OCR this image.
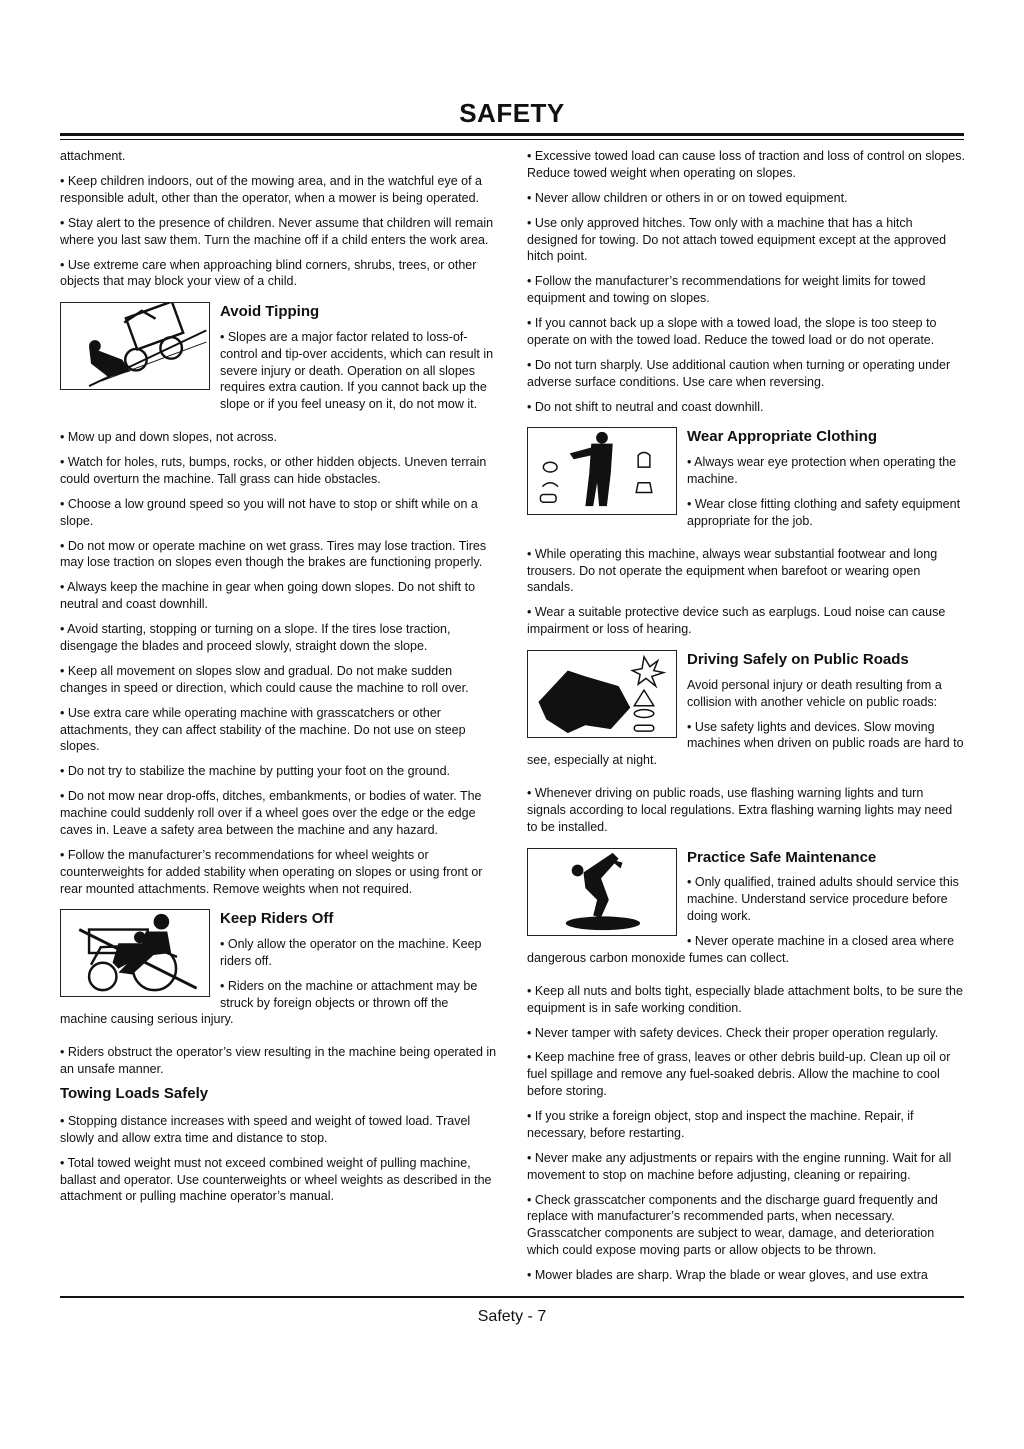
SAFETY

attachment.

• Keep children indoors, out of the mowing area, and in the watchful eye of a responsible adult, other than the operator, when a mower is being operated.

• Stay alert to the presence of children. Never assume that children will remain where you last saw them. Turn the machine off if a child enters the work area.

• Use extreme care when approaching blind corners, shrubs, trees, or other objects that may block your view of a child.

Avoid Tipping

• Slopes are a major factor related to loss-of-control and tip-over accidents, which can result in severe injury or death. Operation on all slopes requires extra caution. If you cannot back up the slope or if you feel uneasy on it, do not mow it.

• Mow up and down slopes, not across.

• Watch for holes, ruts, bumps, rocks, or other hidden objects. Uneven terrain could overturn the machine. Tall grass can hide obstacles.

• Choose a low ground speed so you will not have to stop or shift while on a slope.

• Do not mow or operate machine on wet grass. Tires may lose traction. Tires may lose traction on slopes even though the brakes are functioning properly.

• Always keep the machine in gear when going down slopes. Do not shift to neutral and coast downhill.

• Avoid starting, stopping or turning on a slope. If the tires lose traction, disengage the blades and proceed slowly, straight down the slope.

• Keep all movement on slopes slow and gradual. Do not make sudden changes in speed or direction, which could cause the machine to roll over.

• Use extra care while operating machine with grasscatchers or other attachments, they can affect stability of the machine. Do not use on steep slopes.

• Do not try to stabilize the machine by putting your foot on the ground.

• Do not mow near drop-offs, ditches, embankments, or bodies of water. The machine could suddenly roll over if a wheel goes over the edge or the edge caves in. Leave a safety area between the machine and any hazard.

• Follow the manufacturer’s recommendations for wheel weights or counterweights for added stability when operating on slopes or using front or rear mounted attachments. Remove weights when not required.

Keep Riders Off

• Only allow the operator on the machine. Keep riders off.

• Riders on the machine or attachment may be struck by foreign objects or thrown off the machine causing serious injury.

• Riders obstruct the operator’s view resulting in the machine being operated in an unsafe manner.

Towing Loads Safely

• Stopping distance increases with speed and weight of towed load. Travel slowly and allow extra time and distance to stop.

• Total towed weight must not exceed combined weight of pulling machine, ballast and operator. Use counterweights or wheel weights as described in the attachment or pulling machine operator’s manual.

• Excessive towed load can cause loss of traction and loss of control on slopes. Reduce towed weight when operating on slopes.

• Never allow children or others in or on towed equipment.

• Use only approved hitches. Tow only with a machine that has a hitch designed for towing. Do not attach towed equipment except at the approved hitch point.

• Follow the manufacturer’s recommendations for weight limits for towed equipment and towing on slopes.

• If you cannot back up a slope with a towed load, the slope is too steep to operate on with the towed load. Reduce the towed load or do not operate.

• Do not turn sharply. Use additional caution when turning or operating under adverse surface conditions. Use care when reversing.

• Do not shift to neutral and coast downhill.

Wear Appropriate Clothing

• Always wear eye protection when operating the machine.

• Wear close fitting clothing and safety equipment appropriate for the job.

• While operating this machine, always wear substantial footwear and long trousers. Do not operate the equipment when barefoot or wearing open sandals.

• Wear a suitable protective device such as earplugs. Loud noise can cause impairment or loss of hearing.

Driving Safely on Public Roads

Avoid personal injury or death resulting from a collision with another vehicle on public roads:

• Use safety lights and devices. Slow moving machines when driven on public roads are hard to see, especially at night.

• Whenever driving on public roads, use flashing warning lights and turn signals according to local regulations. Extra flashing warning lights may need to be installed.

Practice Safe Maintenance

• Only qualified, trained adults should service this machine. Understand service procedure before doing work.

• Never operate machine in a closed area where dangerous carbon monoxide fumes can collect.

• Keep all nuts and bolts tight, especially blade attachment bolts, to be sure the equipment is in safe working condition.

• Never tamper with safety devices. Check their proper operation regularly.

• Keep machine free of grass, leaves or other debris build-up. Clean up oil or fuel spillage and remove any fuel-soaked debris. Allow the machine to cool before storing.

• If you strike a foreign object, stop and inspect the machine. Repair, if necessary, before restarting.

• Never make any adjustments or repairs with the engine running. Wait for all movement to stop on machine before adjusting, cleaning or repairing.

• Check grasscatcher components and the discharge guard frequently and replace with manufacturer’s recommended parts, when necessary. Grasscatcher components are subject to wear, damage, and deterioration which could expose moving parts or allow objects to be thrown.

• Mower blades are sharp. Wrap the blade or wear gloves, and use extra

Safety - 7
